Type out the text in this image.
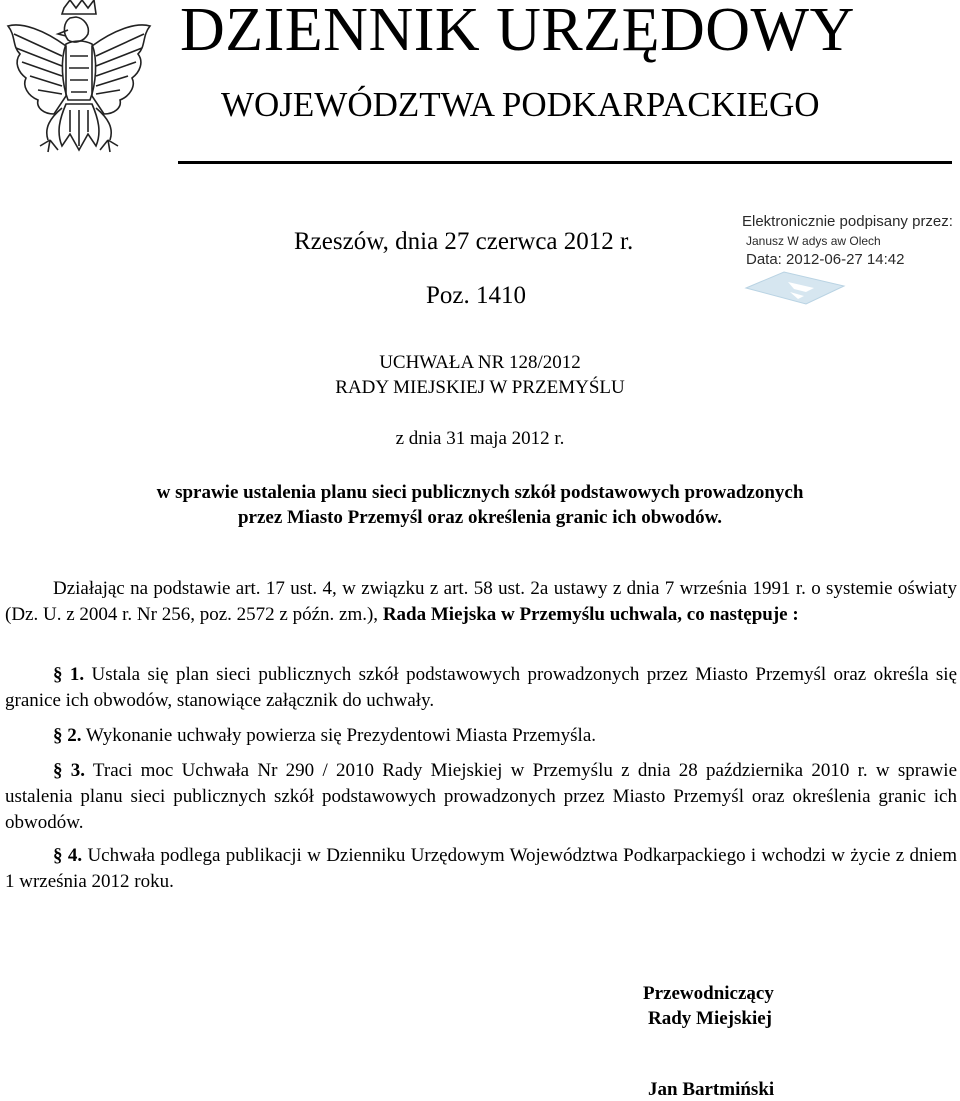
DZIENNIK URZĘDOWY
WOJEWÓDZTWA PODKARPACKIEGO
Rzeszów, dnia 27 czerwca 2012 r.
Poz. 1410
Elektronicznie podpisany przez:
Janusz W adys aw Olech
Data: 2012-06-27 14:42
UCHWAŁA NR 128/2012
RADY MIEJSKIEJ W PRZEMYŚLU
z dnia 31 maja 2012 r.
w sprawie ustalenia planu sieci publicznych szkół podstawowych prowadzonych
przez Miasto Przemyśl oraz określenia granic ich obwodów.
Działając na podstawie art. 17 ust. 4, w związku z art. 58 ust. 2a ustawy z dnia 7 września 1991 r. o systemie oświaty (Dz. U. z 2004 r. Nr 256, poz. 2572 z późn. zm.), Rada Miejska w Przemyślu uchwala, co następuje :
§ 1. Ustala się plan sieci publicznych szkół podstawowych prowadzonych przez Miasto Przemyśl oraz określa się granice ich obwodów, stanowiące załącznik do uchwały.
§ 2. Wykonanie uchwały powierza się Prezydentowi Miasta Przemyśla.
§ 3. Traci moc Uchwała Nr 290 / 2010 Rady Miejskiej w Przemyślu z dnia 28 października 2010 r. w sprawie ustalenia planu sieci publicznych szkół podstawowych prowadzonych przez Miasto Przemyśl oraz określenia granic ich obwodów.
§ 4. Uchwała podlega publikacji w Dzienniku Urzędowym Województwa Podkarpackiego i wchodzi w życie z dniem 1 września 2012 roku.
Przewodniczący
Rady Miejskiej
Jan Bartmiński
